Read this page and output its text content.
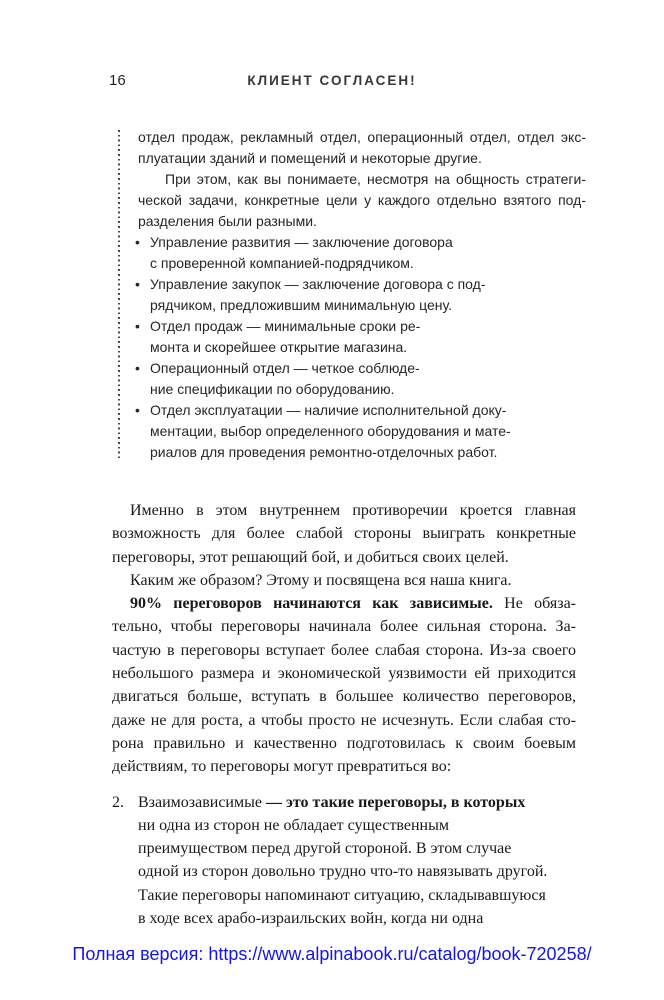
16	КЛИЕНТ СОГЛАСЕН!
отдел продаж, рекламный отдел, операционный отдел, отдел экс-
плуатации зданий и помещений и некоторые другие.
При этом, как вы понимаете, несмотря на общность стратеги-
ческой задачи, конкретные цели у каждого отдельно взятого под-
разделения были разными.
• Управление развития — заключение договора
с проверенной компанией-подрядчиком.
• Управление закупок — заключение договора с под-
рядчиком, предложившим минимальную цену.
• Отдел продаж — минимальные сроки ре-
монта и скорейшее открытие магазина.
• Операционный отдел — четкое соблюде-
ние спецификации по оборудованию.
• Отдел эксплуатации — наличие исполнительной доку-
ментации, выбор определенного оборудования и мате-
риалов для проведения ремонтно-отделочных работ.
Именно в этом внутреннем противоречии кроется главная
возможность для более слабой стороны выиграть конкретные
переговоры, этот решающий бой, и добиться своих целей.
Каким же образом? Этому и посвящена вся наша книга.
90% переговоров начинаются как зависимые. Не обяза-
тельно, чтобы переговоры начинала более сильная сторона. За-
частую в переговоры вступает более слабая сторона. Из-за своего
небольшого размера и экономической уязвимости ей приходится
двигаться больше, вступать в большее количество переговоров,
даже не для роста, а чтобы просто не исчезнуть. Если слабая сто-
рона правильно и качественно подготовилась к своим боевым
действиям, то переговоры могут превратиться во:
2. Взаимозависимые — это такие переговоры, в которых
ни одна из сторон не обладает существенным
преимуществом перед другой стороной. В этом случае
одной из сторон довольно трудно что-то навязывать другой.
Такие переговоры напоминают ситуацию, складывавшуюся
в ходе всех арабо-израильских войн, когда ни одна
Полная версия: https://www.alpinabook.ru/catalog/book-720258/
